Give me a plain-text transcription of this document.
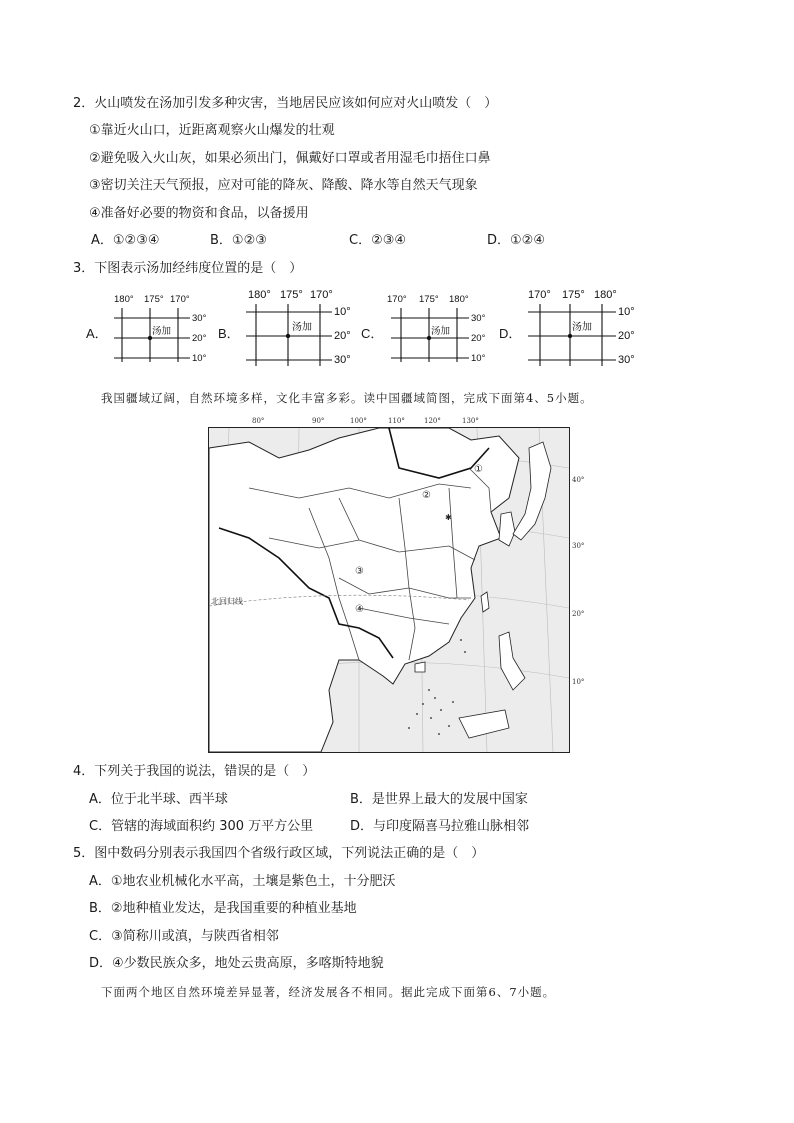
2．火山喷发在汤加引发多种灾害，当地居民应该如何应对火山喷发（　）
①靠近火山口，近距离观察火山爆发的壮观
②避免吸入火山灰，如果必须出门，佩戴好口罩或者用湿毛巾捂住口鼻
③密切关注天气预报，应对可能的降灰、降酸、降水等自然天气现象
④准备好必要的物资和食品，以备援用
A．①②③④	B．①②③	C．②③④	D．①②④
3．下图表示汤加经纬度位置的是（　）
A．
180° 175° 170°
汤加
30°
20°
10°
B．
180° 175° 170°
汤加
10°
20°
30°
C．
170° 175° 180°
汤加
30°
20°
10°
D．
170° 175° 180°
汤加
10°
20°
30°
我国疆域辽阔，自然环境多样，文化丰富多彩。读中国疆域简图，完成下面第4、5小题。
80°	90°	100°	110°	120°	130°
北回归线
①
②
③
④
✱
40°
30°
20°
10°
4．下列关于我国的说法，错误的是（　）
A．位于北半球、西半球	B．是世界上最大的发展中国家
C．管辖的海域面积约 300 万平方公里	D．与印度隔喜马拉雅山脉相邻
5．图中数码分别表示我国四个省级行政区域，下列说法正确的是（　）
A．①地农业机械化水平高，土壤是紫色土，十分肥沃
B．②地种植业发达，是我国重要的种植业基地
C．③简称川或滇，与陕西省相邻
D．④少数民族众多，地处云贵高原，多喀斯特地貌
下面两个地区自然环境差异显著，经济发展各不相同。据此完成下面第6、7小题。
